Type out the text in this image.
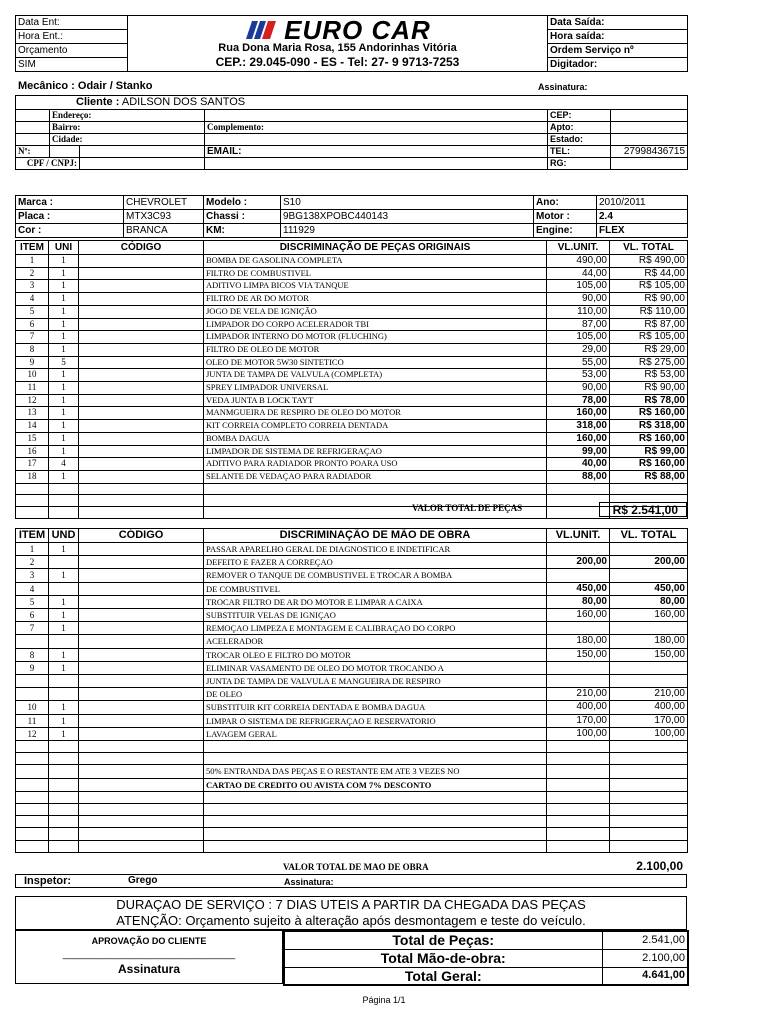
Data Ent:	EURO CAR
Rua Dona Maria Rosa, 155 Andorinhas Vitória
CEP.: 29.045-090 - ES - Tel: 27- 9 9713-7253	Data Saída:
Hora Ent.:		Hora saída:
Orçamento		Ordem Serviço nº
SIM		Digitador:
Mecânico : Odair / Stanko	Assinatura:
Cliente : ADILSON DOS SANTOS					
	Endereço:			CEP:	
	Bairro:		Complemento:	Apto:	
	Cidade:			Estado:	
Nº:			EMAIL:	TEL:	27998436715
CPF / CNPJ:				RG:	
Marca :	CHEVROLET	Modelo :	S10	Ano:	2010/2011
Placa :	MTX3C93	Chassi :	9BG138XPOBC440143	Motor :	2.4
Cor :	BRANCA	KM:	111929	Engine:	FLEX
ITEM	UNI	CÓDIGO	DISCRIMINAÇÃO DE PEÇAS ORIGINAIS	VL.UNIT.	VL. TOTAL
1	1		BOMBA DE GASOLINA COMPLETA	490,00	R$ 490,00
2	1		FILTRO DE COMBUSTIVEL	44,00	R$ 44,00
3	1		ADITIVO LIMPA BICOS VIA TANQUE	105,00	R$ 105,00
4	1		FILTRO DE AR DO MOTOR	90,00	R$ 90,00
5	1		JOGO DE VELA DE IGNIÇÃO	110,00	R$ 110,00
6	1		LIMPADOR DO CORPO ACELERADOR TBI	87,00	R$ 87,00
7	1		LIMPADOR INTERNO DO MOTOR (FLUCHING)	105,00	R$ 105,00
8	1		FILTRO DE OLEO DE MOTOR	29,00	R$ 29,00
9	5		OLEO DE MOTOR 5W30 SINTETICO	55,00	R$ 275,00
10	1		JUNTA DE TAMPA DE VALVULA (COMPLETA)	53,00	R$ 53,00
11	1		SPREY LIMPADOR UNIVERSAL	90,00	R$ 90,00
12	1		VEDA JUNTA B LOCK TAYT	78,00	R$ 78,00
13	1		MANMGUEIRA DE RESPIRO DE OLEO DO MOTOR	160,00	R$ 160,00
14	1		KIT CORREIA COMPLETO CORREIA DENTADA	318,00	R$ 318,00
15	1		BOMBA DAGUA	160,00	R$ 160,00
16	1		LIMPADOR DE SISTEMA DE REFRIGERAÇAO	99,00	R$ 99,00
17	4		ADITIVO PARA RADIADOR PRONTO POARA USO	40,00	R$ 160,00
18	1		SELANTE DE VEDAÇAO PARA RADIADOR	88,00	R$ 88,00

VALOR TOTAL DE PEÇAS	R$ 2.541,00
ITEM	UND	CÓDIGO	DISCRIMINAÇÃO DE MÃO DE OBRA	VL.UNIT.	VL. TOTAL
1	1		PASSAR APARELHO GERAL DE DIAGNOSTICO E INDETIFICAR		
2			DEFEITO E FAZER A CORREÇAO	200,00	200,00
3	1		REMOVER O TANQUE DE COMBUSTIVEL E TROCAR A BOMBA		
4			DE COMBUSTIVEL	450,00	450,00
5	1		TROCAR FILTRO DE AR DO MOTOR E LIMPAR A CAIXA	80,00	80,00
6	1		SUBSTITUIR VELAS DE IGNIÇAO	160,00	160,00
7	1		REMOÇAO LIMPEZA E MONTAGEM E CALIBRAÇAO DO CORPO		
			ACELERADOR	180,00	180,00
8	1		TROCAR OLEO E FILTRO DO MOTOR	150,00	150,00
9	1		ELIMINAR VASAMENTO DE OLEO DO MOTOR TROCANDO A		
			JUNTA DE TAMPA DE VALVULA E MANGUEIRA DE RESPIRO		
			DE OLEO	210,00	210,00
10	1		SUBSTITUIR KIT CORREIA DENTADA E BOMBA DAGUA	400,00	400,00
11	1		LIMPAR O SISTEMA DE REFRIGERAÇAO E RESERVATORIO	170,00	170,00
12	1		LAVAGEM GERAL	100,00	100,00

			50% ENTRANDA DAS PEÇAS E O RESTANTE EM ATE 3 VEZES NO		
			CARTAO DE CREDITO OU AVISTA COM 7% DESCONTO		

VALOR TOTAL DE MAO DE OBRA	2.100,00
Inspetor:	Grego	Assinatura:
DURAÇAO DE SERVIÇO : 7 DIAS UTEIS A PARTIR DA CHEGADA DAS PEÇAS
ATENÇÃO: Orçamento sujeito à alteração após desmontagem e teste do veículo.
APROVAÇÃO DO CLIENTE
_______________________________
Assinatura
Total de Peças:	2.541,00
Total Mão-de-obra:	2.100,00
Total Geral:	4.641,00
Página 1/1
